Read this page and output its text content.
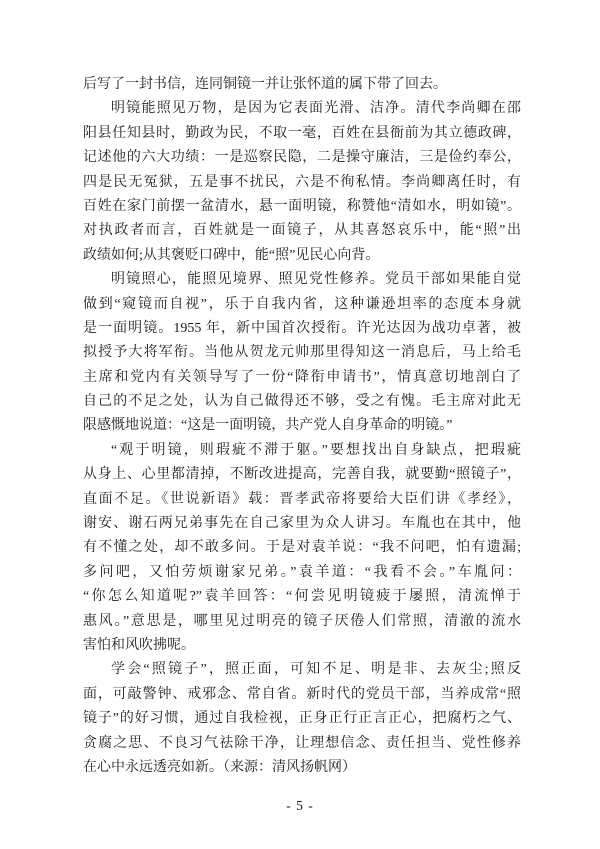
后写了一封书信，连同铜镜一并让张怀道的属下带了回去。
明镜能照见万物，是因为它表面光滑、洁净。清代李尚卿在邵
阳县任知县时，勤政为民，不取一毫，百姓在县衙前为其立德政碑，
记述他的六大功绩：一是巡察民隐，二是操守廉洁，三是俭约奉公，
四是民无冤狱，五是事不扰民，六是不徇私情。李尚卿离任时，有
百姓在家门前摆一盆清水，悬一面明镜，称赞他“清如水，明如镜”。
对执政者而言，百姓就是一面镜子，从其喜怒哀乐中，能“照”出
政绩如何;从其褒贬口碑中，能“照”见民心向背。
明镜照心，能照见境界、照见党性修养。党员干部如果能自觉
做到“窥镜而自视”，乐于自我内省，这种谦逊坦率的态度本身就
是一面明镜。1955 年，新中国首次授衔。许光达因为战功卓著，被
拟授予大将军衔。当他从贺龙元帅那里得知这一消息后，马上给毛
主席和党内有关领导写了一份“降衔申请书”，情真意切地剖白了
自己的不足之处，认为自己做得还不够，受之有愧。毛主席对此无
限感慨地说道：“这是一面明镜，共产党人自身革命的明镜。”
“观于明镜，则瑕疵不滞于躯。”要想找出自身缺点，把瑕疵
从身上、心里都清掉，不断改进提高，完善自我，就要勤“照镜子”，
直面不足。《世说新语》载：晋孝武帝将要给大臣们讲《孝经》，
谢安、谢石两兄弟事先在自己家里为众人讲习。车胤也在其中，他
有不懂之处，却不敢多问。于是对袁羊说：“我不问吧，怕有遗漏;
多问吧，又怕劳烦谢家兄弟。”袁羊道：“我看不会。”车胤问：
“你怎么知道呢?”袁羊回答：“何尝见明镜疲于屡照，清流惮于
惠风。”意思是，哪里见过明亮的镜子厌倦人们常照，清澈的流水
害怕和风吹拂呢。
学会“照镜子”，照正面，可知不足、明是非、去灰尘;照反
面，可敲警钟、戒邪念、常自省。新时代的党员干部，当养成常“照
镜子”的好习惯，通过自我检视，正身正行正言正心，把腐朽之气、
贪腐之思、不良习气祛除干净，让理想信念、责任担当、党性修养
在心中永远透亮如新。（来源：清风扬帆网）
- 5 -
